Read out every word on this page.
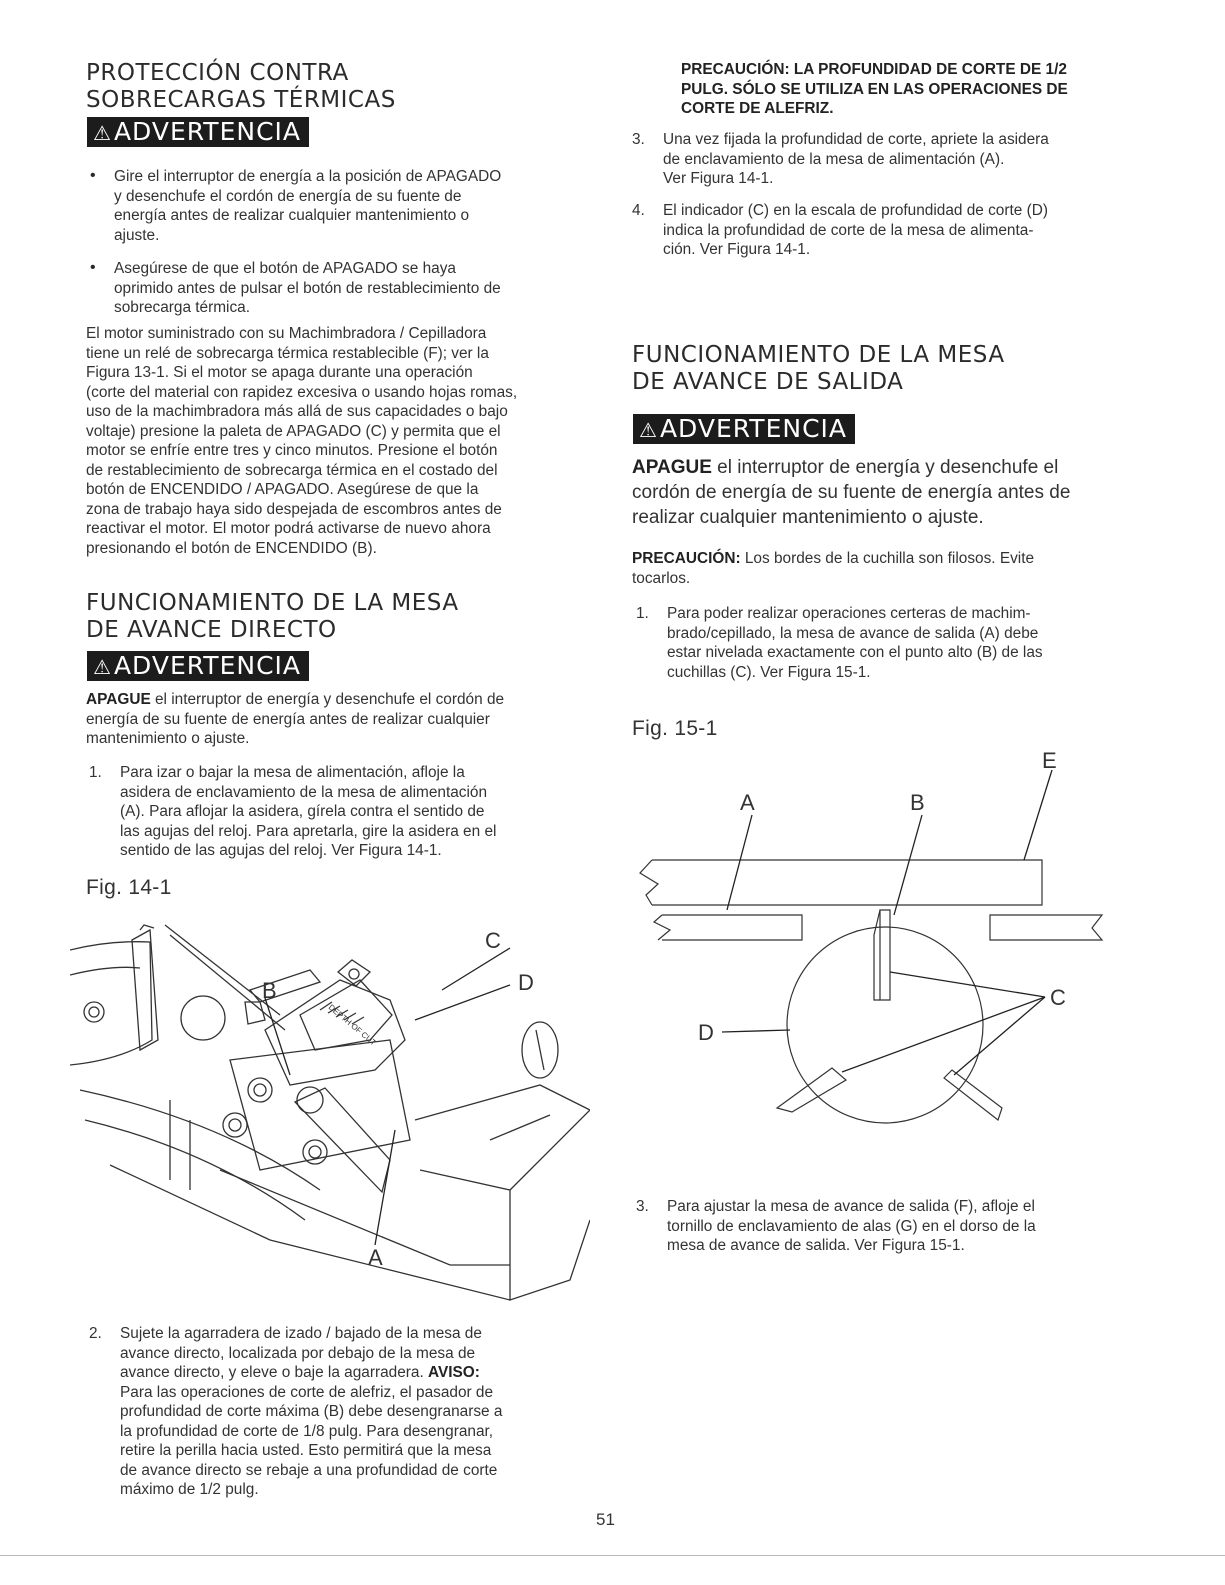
PROTECCIÓN CONTRA

SOBRECARGAS TÉRMICAS

⚠ADVERTENCIA
• Gire el interruptor de energía a la posición de APAGADO

y desenchufe el cordón de energía de su fuente de

energía antes de realizar cualquier mantenimiento o

ajuste.

• Asegúrese de que el botón de APAGADO se haya

oprimido antes de pulsar el botón de restablecimiento de

sobrecarga térmica.

El motor suministrado con su Machimbradora / Cepilladora

tiene un relé de sobrecarga térmica restablecible (F); ver la

Figura 13-1. Si el motor se apaga durante una operación

(corte del material con rapidez excesiva o usando hojas romas,

uso de la machimbradora más allá de sus capacidades o bajo

voltaje) presione la paleta de APAGADO (C) y permita que el

motor se enfríe entre tres y cinco minutos. Presione el botón

de restablecimiento de sobrecarga térmica en el costado del

botón de ENCENDIDO / APAGADO. Asegúrese de que la

zona de trabajo haya sido despejada de escombros antes de

reactivar el motor. El motor podrá activarse de nuevo ahora

presionando el botón de ENCENDIDO (B).

FUNCIONAMIENTO DE LA MESA

DE AVANCE DIRECTO

⚠ADVERTENCIA

APAGUE el interruptor de energía y desenchufe el cordón de

energía de su fuente de energía antes de realizar cualquier

mantenimiento o ajuste.

1. Para izar o bajar la mesa de alimentación, afloje la

asidera de enclavamiento de la mesa de alimentación

(A). Para aflojar la asidera, gírela contra el sentido de

las agujas del reloj. Para apretarla, gire la asidera en el

sentido de las agujas del reloj. Ver Figura 14-1.

Fig. 14-1

C
B	D
A
DEPTH OF CUT
2. Sujete la agarradera de izado / bajado de la mesa de

avance directo, localizada por debajo de la mesa de

avance directo, y eleve o baje la agarradera. AVISO:

Para las operaciones de corte de alefriz, el pasador de

profundidad de corte máxima (B) debe desengranarse a

la profundidad de corte de 1/8 pulg. Para desengranar,

retire la perilla hacia usted. Esto permitirá que la mesa

de avance directo se rebaje a una profundidad de corte

máximo de 1/2 pulg.

PRECAUCIÓN: LA PROFUNDIDAD DE CORTE DE 1/2

PULG. SÓLO SE UTILIZA EN LAS OPERACIONES DE

CORTE DE ALEFRIZ.

3. Una vez fijada la profundidad de corte, apriete la asidera

de enclavamiento de la mesa de alimentación (A).

Ver Figura 14-1.

4. El indicador (C) en la escala de profundidad de corte (D)

indica la profundidad de corte de la mesa de alimenta-

ción. Ver Figura 14-1.

FUNCIONAMIENTO DE LA MESA

DE AVANCE DE SALIDA

⚠ADVERTENCIA

APAGUE el interruptor de energía y desenchufe el

cordón de energía de su fuente de energía antes de

realizar cualquier mantenimiento o ajuste.

PRECAUCIÓN: Los bordes de la cuchilla son filosos. Evite

tocarlos.

1. Para poder realizar operaciones certeras de machim-

brado/cepillado, la mesa de avance de salida (A) debe

estar nivelada exactamente con el punto alto (B) de las

cuchillas (C). Ver Figura 15-1.

Fig. 15-1

A	B
E
C
D
3. Para ajustar la mesa de avance de salida (F), afloje el

tornillo de enclavamiento de alas (G) en el dorso de la

mesa de avance de salida. Ver Figura 15-1.

51
